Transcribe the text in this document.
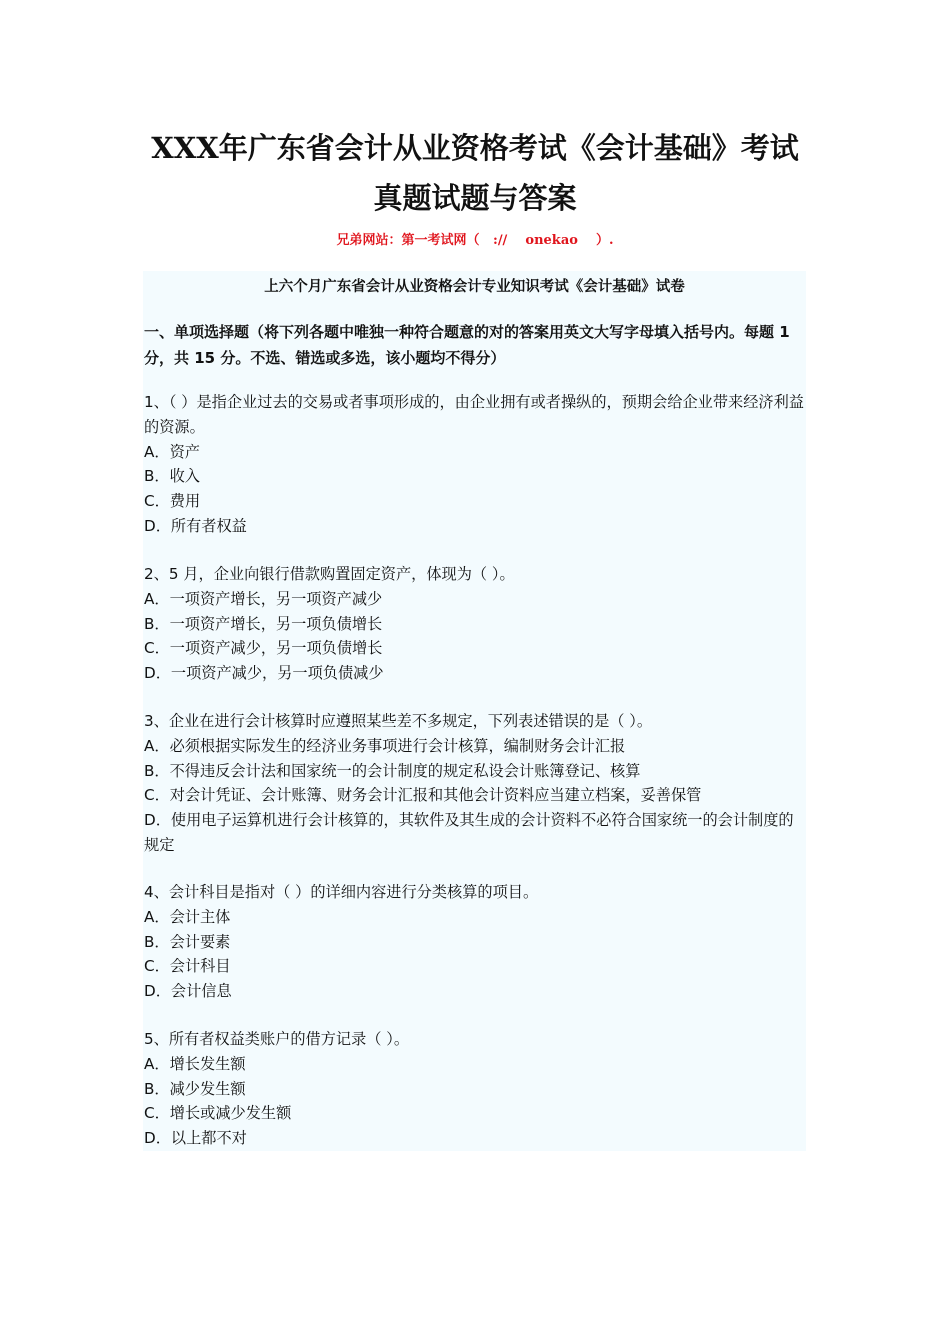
XXX年广东省会计从业资格考试《会计基础》考试
真题试题与答案
兄弟网站：第一考试网（   ://    onekao    ）.
上六个月广东省会计从业资格会计专业知识考试《会计基础》试卷
一、单项选择题（将下列各题中唯独一种符合题意的对的答案用英文大写字母填入括号内。每题 1 分，共 15 分。不选、错选或多选，该小题均不得分）

1、（ ）是指企业过去的交易或者事项形成的，由企业拥有或者操纵的，预期会给企业带来经济利益的资源。

A．资产

B．收入

C．费用

D．所有者权益

2、5 月，企业向银行借款购置固定资产，体现为（ ）。

A．一项资产增长，另一项资产减少

B．一项资产增长，另一项负债增长

C．一项资产减少，另一项负债增长

D．一项资产减少，另一项负债减少

3、企业在进行会计核算时应遵照某些差不多规定，下列表述错误的是（ ）。

A．必须根据实际发生的经济业务事项进行会计核算，编制财务会计汇报

B．不得违反会计法和国家统一的会计制度的规定私设会计账簿登记、核算

C．对会计凭证、会计账簿、财务会计汇报和其他会计资料应当建立档案，妥善保管

D．使用电子运算机进行会计核算的，其软件及其生成的会计资料不必符合国家统一的会计制度的规定

4、会计科目是指对（ ）的详细内容进行分类核算的项目。

A．会计主体

B．会计要素

C．会计科目

D．会计信息

5、所有者权益类账户的借方记录（ ）。

A．增长发生额

B．减少发生额

C．增长或减少发生额

D．以上都不对
